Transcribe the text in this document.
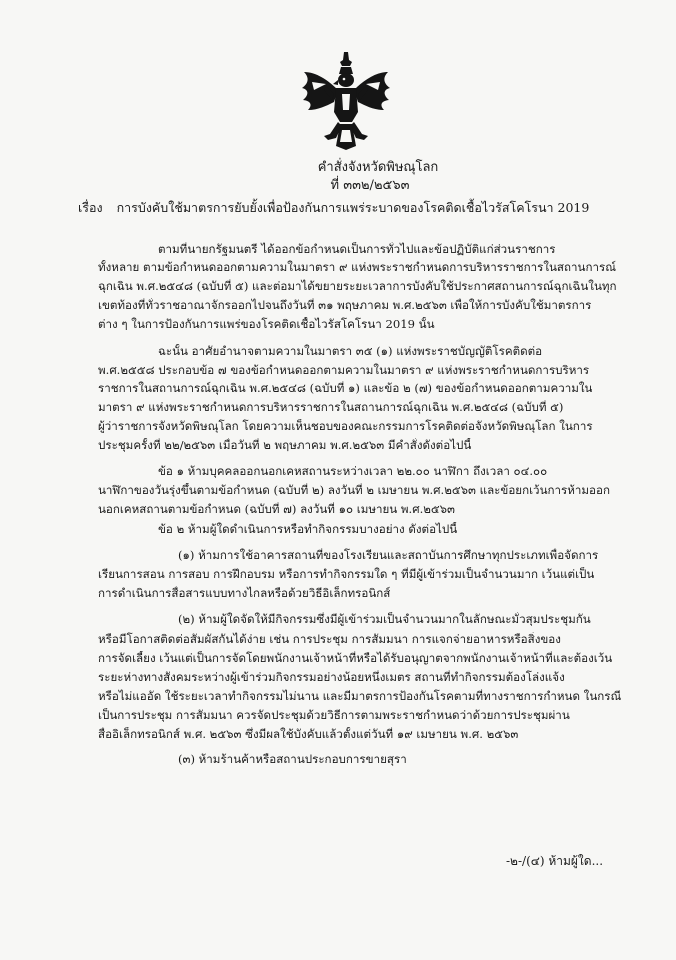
คำสั่งจังหวัดพิษณุโลก
ที่ ๓๓๒/๒๕๖๓
เรื่อง การบังคับใช้มาตรการยับยั้งเพื่อป้องกันการแพร่ระบาดของโรคติดเชื้อไวรัสโคโรนา 2019
ตามที่นายกรัฐมนตรี ได้ออกข้อกำหนดเป็นการทั่วไปและข้อปฏิบัติแก่ส่วนราชการ
ทั้งหลาย ตามข้อกำหนดออกตามความในมาตรา ๙ แห่งพระราชกำหนดการบริหารราชการในสถานการณ์
ฉุกเฉิน พ.ศ.๒๕๔๘ (ฉบับที่ ๕) และต่อมาได้ขยายระยะเวลาการบังคับใช้ประกาศสถานการณ์ฉุกเฉินในทุก
เขตท้องที่ทั่วราชอาณาจักรออกไปจนถึงวันที่ ๓๑ พฤษภาคม พ.ศ.๒๕๖๓ เพื่อให้การบังคับใช้มาตรการ
ต่าง ๆ ในการป้องกันการแพร่ของโรคติดเชื้อไวรัสโคโรนา 2019 นั้น
ฉะนั้น อาศัยอำนาจตามความในมาตรา ๓๕ (๑) แห่งพระราชบัญญัติโรคติดต่อ
พ.ศ.๒๕๕๘ ประกอบข้อ ๗ ของข้อกำหนดออกตามความในมาตรา ๙ แห่งพระราชกำหนดการบริหาร
ราชการในสถานการณ์ฉุกเฉิน พ.ศ.๒๕๔๘ (ฉบับที่ ๑) และข้อ ๒ (๗) ของข้อกำหนดออกตามความใน
มาตรา ๙ แห่งพระราชกำหนดการบริหารราชการในสถานการณ์ฉุกเฉิน พ.ศ.๒๕๔๘ (ฉบับที่ ๕)
ผู้ว่าราชการจังหวัดพิษณุโลก โดยความเห็นชอบของคณะกรรมการโรคติดต่อจังหวัดพิษณุโลก ในการ
ประชุมครั้งที่ ๒๒/๒๕๖๓ เมื่อวันที่ ๒ พฤษภาคม พ.ศ.๒๕๖๓ มีคำสั่งดังต่อไปนี้
ข้อ ๑ ห้ามบุคคลออกนอกเคหสถานระหว่างเวลา ๒๒.๐๐ นาฬิกา ถึงเวลา ๐๔.๐๐
นาฬิกาของวันรุ่งขึ้นตามข้อกำหนด (ฉบับที่ ๒) ลงวันที่ ๒ เมษายน พ.ศ.๒๕๖๓ และข้อยกเว้นการห้ามออก
นอกเคหสถานตามข้อกำหนด (ฉบับที่ ๗) ลงวันที่ ๑๐ เมษายน พ.ศ.๒๕๖๓
ข้อ ๒ ห้ามผู้ใดดำเนินการหรือทำกิจกรรมบางอย่าง ดังต่อไปนี้
(๑) ห้ามการใช้อาคารสถานที่ของโรงเรียนและสถาบันการศึกษาทุกประเภทเพื่อจัดการ
เรียนการสอน การสอบ การฝึกอบรม หรือการทำกิจกรรมใด ๆ ที่มีผู้เข้าร่วมเป็นจำนวนมาก เว้นแต่เป็น
การดำเนินการสื่อสารแบบทางไกลหรือด้วยวิธีอิเล็กทรอนิกส์
(๒) ห้ามผู้ใดจัดให้มีกิจกรรมซึ่งมีผู้เข้าร่วมเป็นจำนวนมากในลักษณะมั่วสุมประชุมกัน
หรือมีโอกาสติดต่อสัมผัสกันได้ง่าย เช่น การประชุม การสัมมนา การแจกจ่ายอาหารหรือสิ่งของ
การจัดเลี้ยง เว้นแต่เป็นการจัดโดยพนักงานเจ้าหน้าที่หรือได้รับอนุญาตจากพนักงานเจ้าหน้าที่และต้องเว้น
ระยะห่างทางสังคมระหว่างผู้เข้าร่วมกิจกรรมอย่างน้อยหนึ่งเมตร สถานที่ทำกิจกรรมต้องโล่งแจ้ง
หรือไม่แออัด ใช้ระยะเวลาทำกิจกรรมไม่นาน และมีมาตรการป้องกันโรคตามที่ทางราชการกำหนด ในกรณี
เป็นการประชุม การสัมมนา ควรจัดประชุมด้วยวิธีการตามพระราชกำหนดว่าด้วยการประชุมผ่าน
สื่ออิเล็กทรอนิกส์ พ.ศ. ๒๕๖๓ ซึ่งมีผลใช้บังคับแล้วตั้งแต่วันที่ ๑๙ เมษายน พ.ศ. ๒๕๖๓
(๓) ห้ามร้านค้าหรือสถานประกอบการขายสุรา
-๒-/(๔) ห้ามผู้ใด...
